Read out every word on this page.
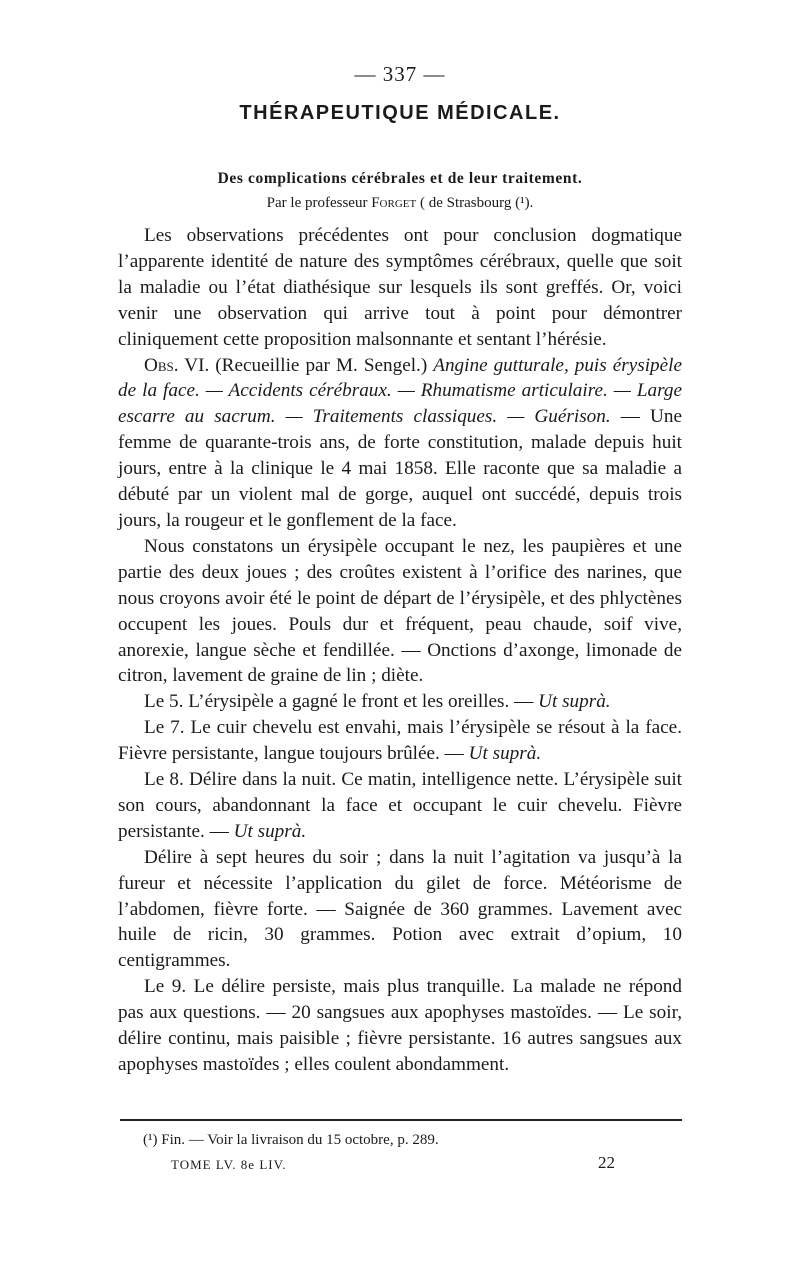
— 337 —
THÉRAPEUTIQUE MÉDICALE.
Des complications cérébrales et de leur traitement.
Par le professeur Forget ( de Strasbourg (¹).

Les observations précédentes ont pour conclusion dogmatique l’apparente identité de nature des symptômes cérébraux, quelle que soit la maladie ou l’état diathésique sur lesquels ils sont greffés. Or, voici venir une observation qui arrive tout à point pour démontrer cliniquement cette proposition malsonnante et sentant l’hérésie.

Obs. VI. (Recueillie par M. Sengel.) Angine gutturale, puis érysipèle de la face. — Accidents cérébraux. — Rhumatisme articulaire. — Large escarre au sacrum. — Traitements classiques. — Guérison. — Une femme de quarante-trois ans, de forte constitution, malade depuis huit jours, entre à la clinique le 4 mai 1858. Elle raconte que sa maladie a débuté par un violent mal de gorge, auquel ont succédé, depuis trois jours, la rougeur et le gonflement de la face.

Nous constatons un érysipèle occupant le nez, les paupières et une partie des deux joues ; des croûtes existent à l’orifice des narines, que nous croyons avoir été le point de départ de l’érysipèle, et des phlyctènes occupent les joues. Pouls dur et fréquent, peau chaude, soif vive, anorexie, langue sèche et fendillée. — Onctions d’axonge, limonade de citron, lavement de graine de lin ; diète.

Le 5. L’érysipèle a gagné le front et les oreilles. — Ut suprà.

Le 7. Le cuir chevelu est envahi, mais l’érysipèle se résout à la face. Fièvre persistante, langue toujours brûlée. — Ut suprà.

Le 8. Délire dans la nuit. Ce matin, intelligence nette. L’érysipèle suit son cours, abandonnant la face et occupant le cuir chevelu. Fièvre persistante. — Ut suprà.

Délire à sept heures du soir ; dans la nuit l’agitation va jusqu’à la fureur et nécessite l’application du gilet de force. Météorisme de l’abdomen, fièvre forte. — Saignée de 360 grammes. Lavement avec huile de ricin, 30 grammes. Potion avec extrait d’opium, 10 centigrammes.

Le 9. Le délire persiste, mais plus tranquille. La malade ne répond pas aux questions. — 20 sangsues aux apophyses mastoïdes. — Le soir, délire continu, mais paisible ; fièvre persistante. 16 autres sangsues aux apophyses mastoïdes ; elles coulent abondamment.

(¹) Fin. — Voir la livraison du 15 octobre, p. 289.
TOME LV. 8e LIV.	22
